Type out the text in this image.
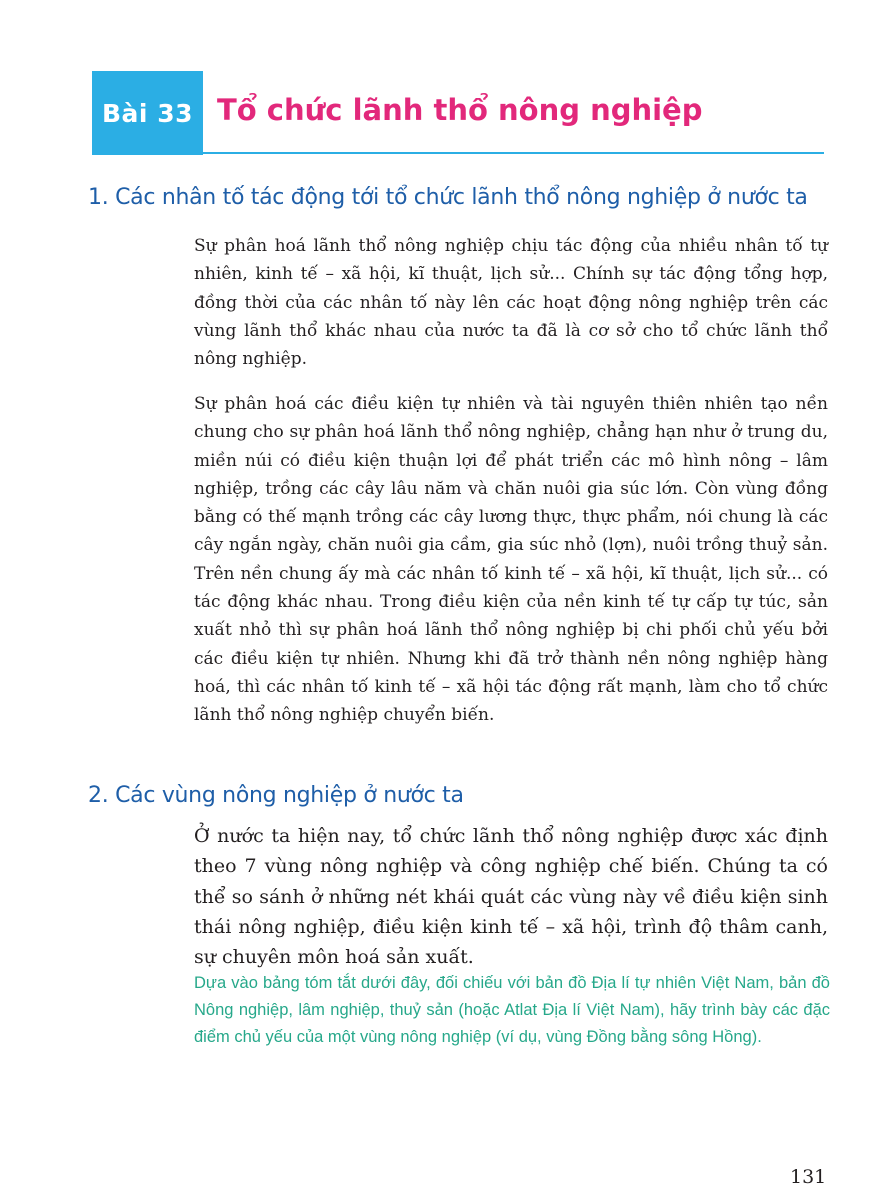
Bài 33 Tổ chức lãnh thổ nông nghiệp
1. Các nhân tố tác động tới tổ chức lãnh thổ nông nghiệp ở nước ta

Sự phân hoá lãnh thổ nông nghiệp chịu tác động của nhiều nhân tố tự nhiên, kinh tế – xã hội, kĩ thuật, lịch sử... Chính sự tác động tổng hợp, đồng thời của các nhân tố này lên các hoạt động nông nghiệp trên các vùng lãnh thổ khác nhau của nước ta đã là cơ sở cho tổ chức lãnh thổ nông nghiệp.

Sự phân hoá các điều kiện tự nhiên và tài nguyên thiên nhiên tạo nền chung cho sự phân hoá lãnh thổ nông nghiệp, chẳng hạn như ở trung du, miền núi có điều kiện thuận lợi để phát triển các mô hình nông – lâm nghiệp, trồng các cây lâu năm và chăn nuôi gia súc lớn. Còn vùng đồng bằng có thế mạnh trồng các cây lương thực, thực phẩm, nói chung là các cây ngắn ngày, chăn nuôi gia cầm, gia súc nhỏ (lợn), nuôi trồng thuỷ sản. Trên nền chung ấy mà các nhân tố kinh tế – xã hội, kĩ thuật, lịch sử... có tác động khác nhau. Trong điều kiện của nền kinh tế tự cấp tự túc, sản xuất nhỏ thì sự phân hoá lãnh thổ nông nghiệp bị chi phối chủ yếu bởi các điều kiện tự nhiên. Nhưng khi đã trở thành nền nông nghiệp hàng hoá, thì các nhân tố kinh tế – xã hội tác động rất mạnh, làm cho tổ chức lãnh thổ nông nghiệp chuyển biến.

2. Các vùng nông nghiệp ở nước ta

Ở nước ta hiện nay, tổ chức lãnh thổ nông nghiệp được xác định theo 7 vùng nông nghiệp và công nghiệp chế biến. Chúng ta có thể so sánh ở những nét khái quát các vùng này về điều kiện sinh thái nông nghiệp, điều kiện kinh tế – xã hội, trình độ thâm canh, sự chuyên môn hoá sản xuất.

Dựa vào bảng tóm tắt dưới đây, đối chiếu với bản đồ Địa lí tự nhiên Việt Nam, bản đồ Nông nghiệp, lâm nghiệp, thuỷ sản (hoặc Atlat Địa lí Việt Nam), hãy trình bày các đặc điểm chủ yếu của một vùng nông nghiệp (ví dụ, vùng Đồng bằng sông Hồng).

131
